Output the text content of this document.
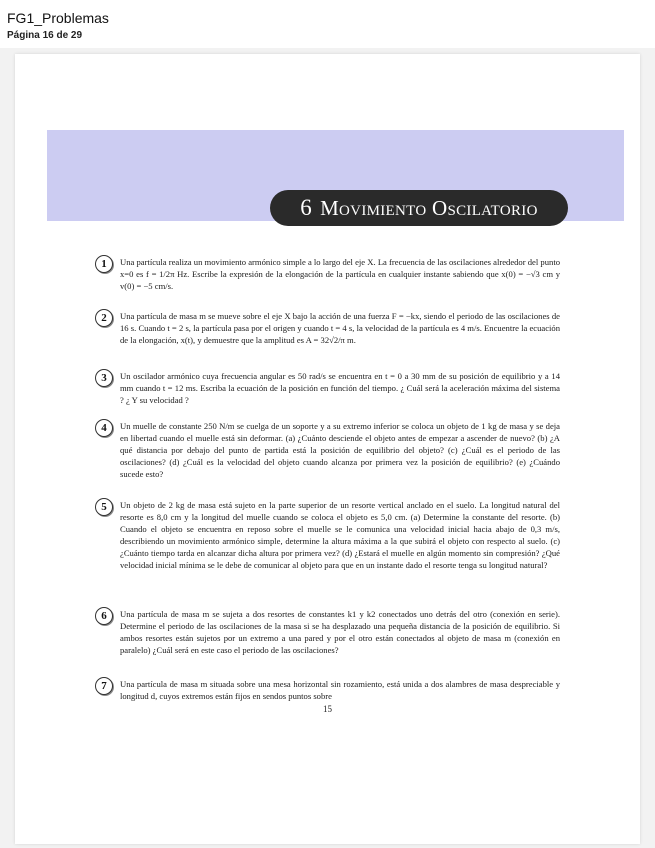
FG1_Problemas
Página 16 de 29
6 Movimiento Oscilatorio
1	Una partícula realiza un movimiento armónico simple a lo largo del eje X. La frecuencia de las oscilaciones alrededor del punto x=0 es f = 1/2π Hz. Escribe la expresión de la elongación de la partícula en cualquier instante sabiendo que x(0) = −√3 cm y v(0) = −5 cm/s.

2	Una partícula de masa m se mueve sobre el eje X bajo la acción de una fuerza F = −kx, siendo el periodo de las oscilaciones de 16 s. Cuando t = 2 s, la partícula pasa por el origen y cuando t = 4 s, la velocidad de la partícula es 4 m/s. Encuentre la ecuación de la elongación, x(t), y demuestre que la amplitud es A = 32√2/π m.

3	Un oscilador armónico cuya frecuencia angular es 50 rad/s se encuentra en t = 0 a 30 mm de su posición de equilibrio y a 14 mm cuando t = 12 ms. Escriba la ecuación de la posición en función del tiempo. ¿ Cuál será la aceleración máxima del sistema ? ¿ Y su velocidad ?

4	Un muelle de constante 250 N/m se cuelga de un soporte y a su extremo inferior se coloca un objeto de 1 kg de masa y se deja en libertad cuando el muelle está sin deformar. (a) ¿Cuánto desciende el objeto antes de empezar a ascender de nuevo? (b) ¿A qué distancia por debajo del punto de partida está la posición de equilibrio del objeto? (c) ¿Cuál es el periodo de las oscilaciones? (d) ¿Cuál es la velocidad del objeto cuando alcanza por primera vez la posición de equilibrio? (e) ¿Cuándo sucede esto?

5	Un objeto de 2 kg de masa está sujeto en la parte superior de un resorte vertical anclado en el suelo. La longitud natural del resorte es 8,0 cm y la longitud del muelle cuando se coloca el objeto es 5,0 cm. (a) Determine la constante del resorte. (b) Cuando el objeto se encuentra en reposo sobre el muelle se le comunica una velocidad inicial hacia abajo de 0,3 m/s, describiendo un movimiento armónico simple, determine la altura máxima a la que subirá el objeto con respecto al suelo. (c) ¿Cuánto tiempo tarda en alcanzar dicha altura por primera vez? (d) ¿Estará el muelle en algún momento sin compresión? ¿Qué velocidad inicial mínima se le debe de comunicar al objeto para que en un instante dado el resorte tenga su longitud natural?

6	Una partícula de masa m se sujeta a dos resortes de constantes k1 y k2 conectados uno detrás del otro (conexión en serie). Determine el periodo de las oscilaciones de la masa si se ha desplazado una pequeña distancia de la posición de equilibrio. Si ambos resortes están sujetos por un extremo a una pared y por el otro están conectados al objeto de masa m (conexión en paralelo) ¿Cuál será en este caso el periodo de las oscilaciones?

7	Una partícula de masa m situada sobre una mesa horizontal sin rozamiento, está unida a dos alambres de masa despreciable y longitud d, cuyos extremos están fijos en sendos puntos sobre

15
